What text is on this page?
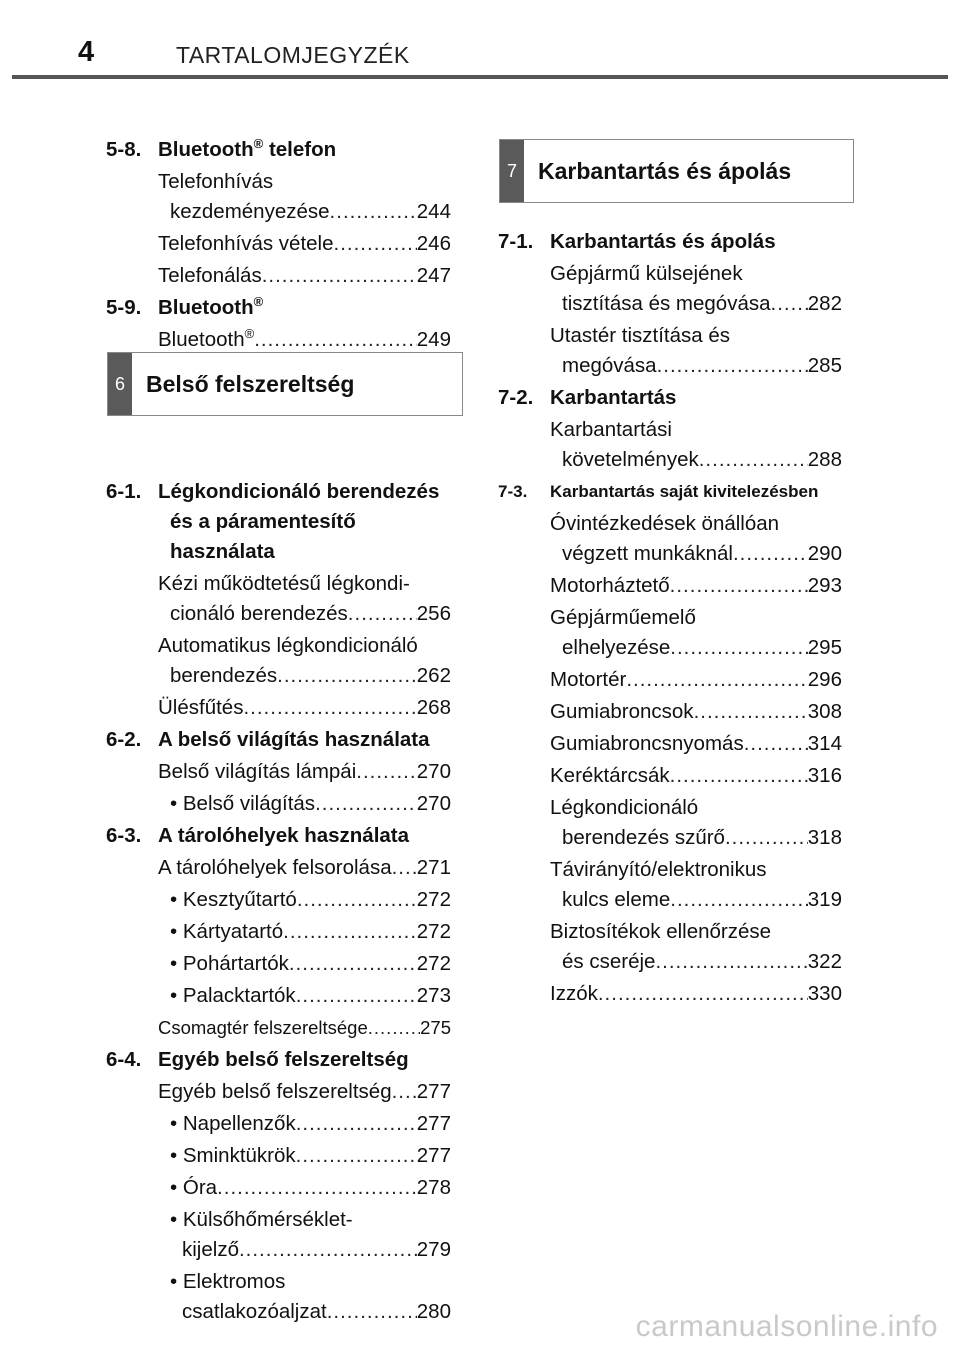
4	TARTALOMJEGYZÉK
6 Belső felszereltség
7 Karbantartás és ápolás
5-8. Bluetooth® telefon
Telefonhívás
kezdeményezése .....	244
Telefonhívás vétele .....	246
Telefonálás .....	247
5-9. Bluetooth®
Bluetooth® .....	249
6-1. Légkondicionáló berendezés
és a páramentesítő
használata
Kézi működtetésű légkondi-
cionáló berendezés .....	256
Automatikus légkondicionáló
berendezés .....	262
Ülésfűtés .....	268
6-2. A belső világítás használata
Belső világítás lámpái .....	270
• Belső világítás .....	270
6-3. A tárolóhelyek használata
A tárolóhelyek felsorolása ..... 271
• Kesztyűtartó .....	272
• Kártyatartó .....	272
• Pohártartók .....	272
• Palacktartók .....	273
Csomagtér felszereltsége .....	275
6-4. Egyéb belső felszereltség
Egyéb belső felszereltség ..... 277
• Napellenzők .....	277
• Sminktükrök .....	277
• Óra .....	278
• Külsőhőmérséklet-
kijelző .....	279
• Elektromos
csatlakozóaljzat .....	280
7-1. Karbantartás és ápolás
Gépjármű külsejének
tisztítása és megóvása ..... 282
Utastér tisztítása és
megóvása .....	285
7-2. Karbantartás
Karbantartási
követelmények .....	288
7-3. Karbantartás saját kivitelezésben
Óvintézkedések önállóan
végzett munkáknál .....	290
Motorháztető .....	293
Gépjárműemelő
elhelyezése .....	295
Motortér .....	296
Gumiabroncsok .....	308
Gumiabroncsnyomás .....	314
Keréktárcsák .....	316
Légkondicionáló
berendezés szűrő .....	318
Távirányító/elektronikus
kulcs eleme .....	319
Biztosítékok ellenőrzése
és cseréje .....	322
Izzók .....	330
carmanualsonline.info
